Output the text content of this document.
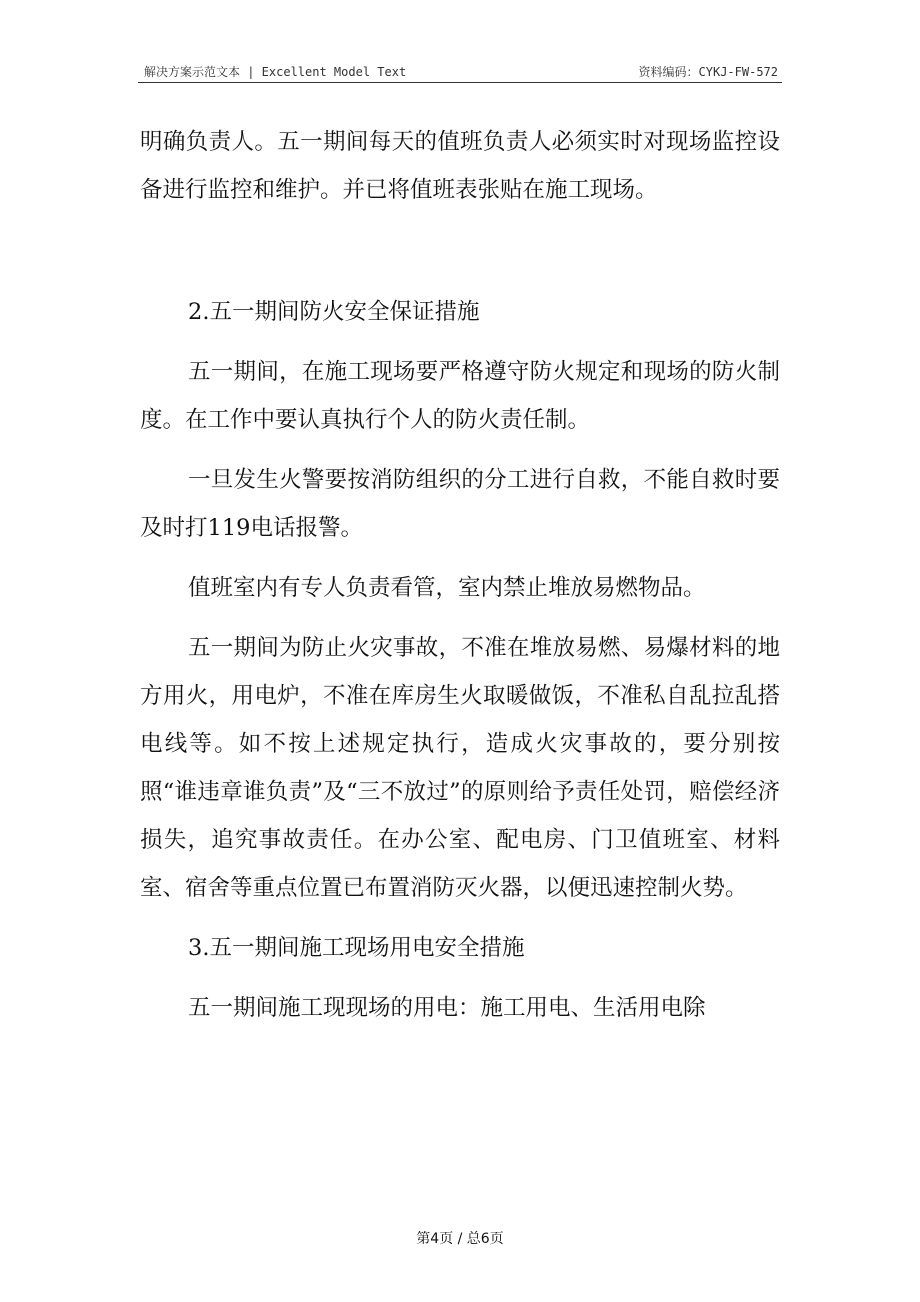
解决方案示范文本 | Excellent Model Text	资料编码：CYKJ-FW-572

明确负责人。五一期间每天的值班负责人必须实时对现场监控设备进行监控和维护。并已将值班表张贴在施工现场。

2.五一期间防火安全保证措施

五一期间，在施工现场要严格遵守防火规定和现场的防火制度。在工作中要认真执行个人的防火责任制。

一旦发生火警要按消防组织的分工进行自救，不能自救时要及时打119电话报警。

值班室内有专人负责看管，室内禁止堆放易燃物品。

五一期间为防止火灾事故，不准在堆放易燃、易爆材料的地方用火，用电炉，不准在库房生火取暖做饭，不准私自乱拉乱搭电线等。如不按上述规定执行，造成火灾事故的，要分别按照“谁违章谁负责”及“三不放过”的原则给予责任处罚，赔偿经济损失，追究事故责任。在办公室、配电房、门卫值班室、材料室、宿舍等重点位置已布置消防灭火器，以便迅速控制火势。

3.五一期间施工现场用电安全措施

五一期间施工现现场的用电：施工用电、生活用电除

第4页 / 总6页
